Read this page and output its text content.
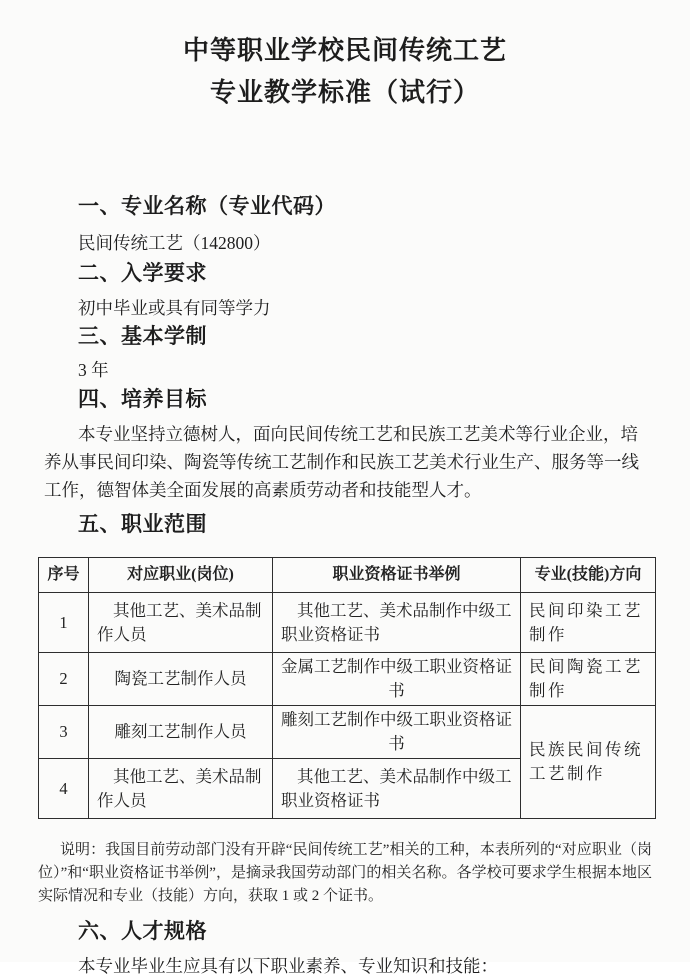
中等职业学校民间传统工艺
专业教学标准（试行）
一、专业名称（专业代码）

民间传统工艺（142800）

二、入学要求

初中毕业或具有同等学力

三、基本学制

3 年

四、培养目标

本专业坚持立德树人，面向民间传统工艺和民族工艺美术等行业企业，培养从事民间印染、陶瓷等传统工艺制作和民族工艺美术行业生产、服务等一线工作，德智体美全面发展的高素质劳动者和技能型人才。

五、职业范围
序号	对应职业(岗位)	职业资格证书举例	专业(技能)方向
1	其他工艺、美术品制作人员	其他工艺、美术品制作中级工职业资格证书	民间印染工艺制作
2	陶瓷工艺制作人员	金属工艺制作中级工职业资格证书	民间陶瓷工艺制作
3	雕刻工艺制作人员	雕刻工艺制作中级工职业资格证书	民族民间传统工艺制作
4	其他工艺、美术品制作人员	其他工艺、美术品制作中级工职业资格证书	

说明：我国目前劳动部门没有开辟“民间传统工艺”相关的工种，本表所列的“对应职业（岗位）”和“职业资格证书举例”，是摘录我国劳动部门的相关名称。各学校可要求学生根据本地区实际情况和专业（技能）方向，获取 1 或 2 个证书。

六、人才规格

本专业毕业生应具有以下职业素养、专业知识和技能：
